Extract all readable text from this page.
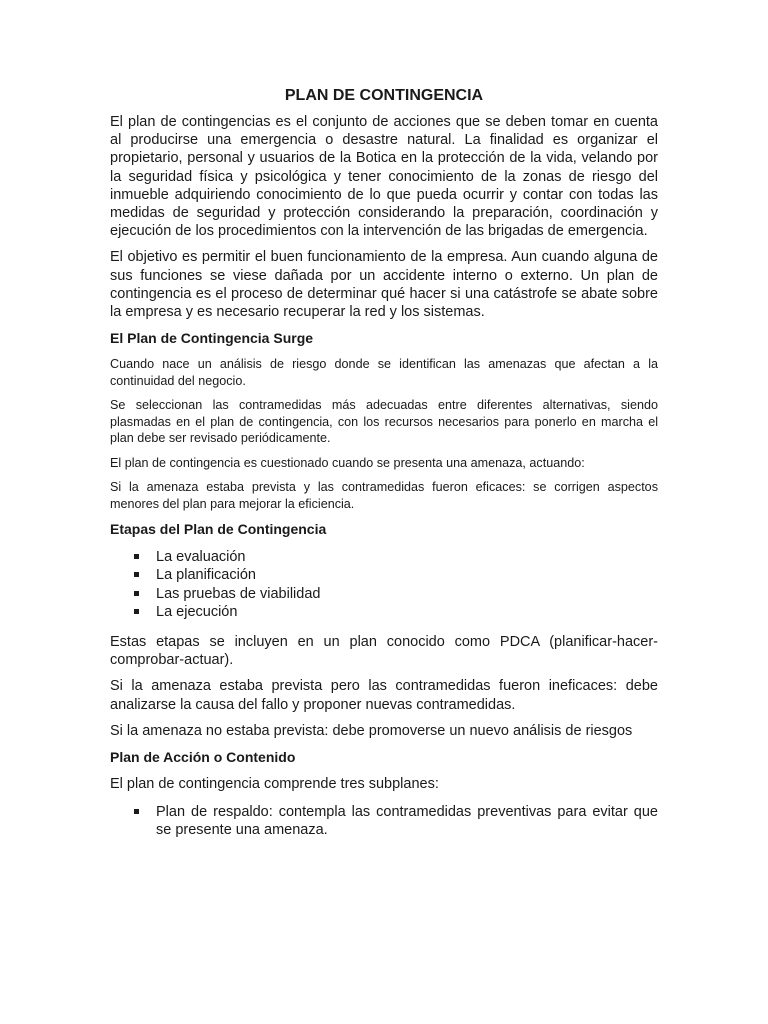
PLAN DE CONTINGENCIA

El plan de contingencias es el conjunto de acciones que se deben tomar en cuenta al producirse una emergencia o desastre natural. La finalidad es organizar el propietario, personal y usuarios de la Botica en la protección de la vida, velando por la seguridad física y psicológica y tener conocimiento de la zonas de riesgo del inmueble adquiriendo conocimiento de lo que pueda ocurrir y contar con todas las medidas de seguridad y protección considerando la preparación, coordinación y ejecución de los procedimientos con la intervención de las brigadas de emergencia.

El objetivo es permitir el buen funcionamiento de la empresa. Aun cuando alguna de sus funciones se viese dañada por un accidente interno o externo. Un plan de contingencia es el proceso de determinar qué hacer si una catástrofe se abate sobre la empresa y es necesario recuperar la red y los sistemas.

El Plan de Contingencia Surge

Cuando nace un análisis de riesgo donde se identifican las amenazas que afectan a la continuidad del negocio.

Se seleccionan las contramedidas más adecuadas entre diferentes alternativas, siendo plasmadas en el plan de contingencia, con los recursos necesarios para ponerlo en marcha el plan debe ser revisado periódicamente.

El plan de contingencia es cuestionado cuando se presenta una amenaza, actuando:

Si la amenaza estaba prevista y las contramedidas fueron eficaces: se corrigen aspectos menores del plan para mejorar la eficiencia.

Etapas del Plan de Contingencia
La evaluación
La planificación
Las pruebas de viabilidad
La ejecución

Estas etapas se incluyen en un plan conocido como PDCA (planificar-hacer-comprobar-actuar).

Si la amenaza estaba prevista pero las contramedidas fueron ineficaces: debe analizarse la causa del fallo y proponer nuevas contramedidas.

Si la amenaza no estaba prevista: debe promoverse un nuevo análisis de riesgos

Plan de Acción o Contenido

El plan de contingencia comprende tres subplanes:

Plan de respaldo: contempla las contramedidas preventivas para evitar que se presente una amenaza.
